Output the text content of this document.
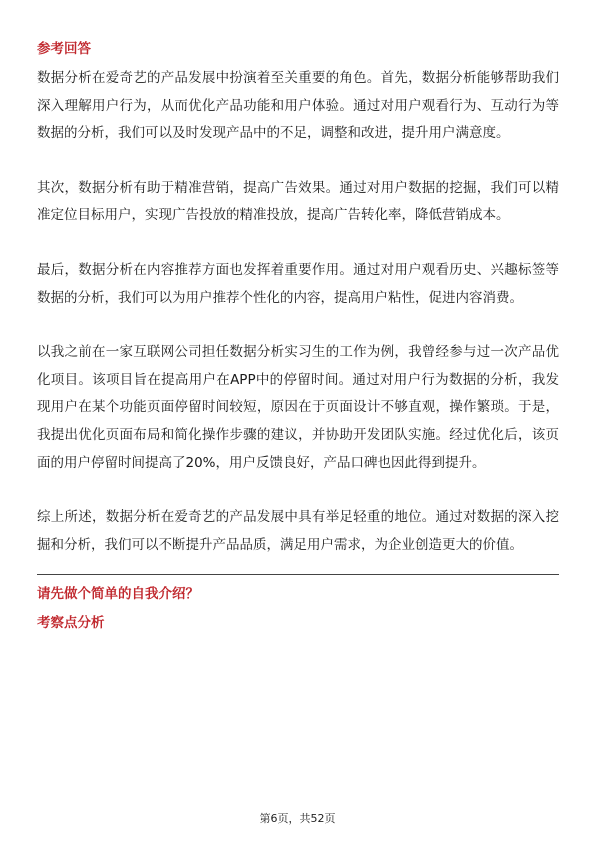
参考回答

数据分析在爱奇艺的产品发展中扮演着至关重要的角色。首先，数据分析能够帮助我们深入理解用户行为，从而优化产品功能和用户体验。通过对用户观看行为、互动行为等数据的分析，我们可以及时发现产品中的不足，调整和改进，提升用户满意度。

其次，数据分析有助于精准营销，提高广告效果。通过对用户数据的挖掘，我们可以精准定位目标用户，实现广告投放的精准投放，提高广告转化率，降低营销成本。

最后，数据分析在内容推荐方面也发挥着重要作用。通过对用户观看历史、兴趣标签等数据的分析，我们可以为用户推荐个性化的内容，提高用户粘性，促进内容消费。

以我之前在一家互联网公司担任数据分析实习生的工作为例，我曾经参与过一次产品优化项目。该项目旨在提高用户在APP中的停留时间。通过对用户行为数据的分析，我发现用户在某个功能页面停留时间较短，原因在于页面设计不够直观，操作繁琐。于是，我提出优化页面布局和简化操作步骤的建议，并协助开发团队实施。经过优化后，该页面的用户停留时间提高了20%，用户反馈良好，产品口碑也因此得到提升。

综上所述，数据分析在爱奇艺的产品发展中具有举足轻重的地位。通过对数据的深入挖掘和分析，我们可以不断提升产品品质，满足用户需求，为企业创造更大的价值。

请先做个简单的自我介绍？
考察点分析
第6页，共52页
